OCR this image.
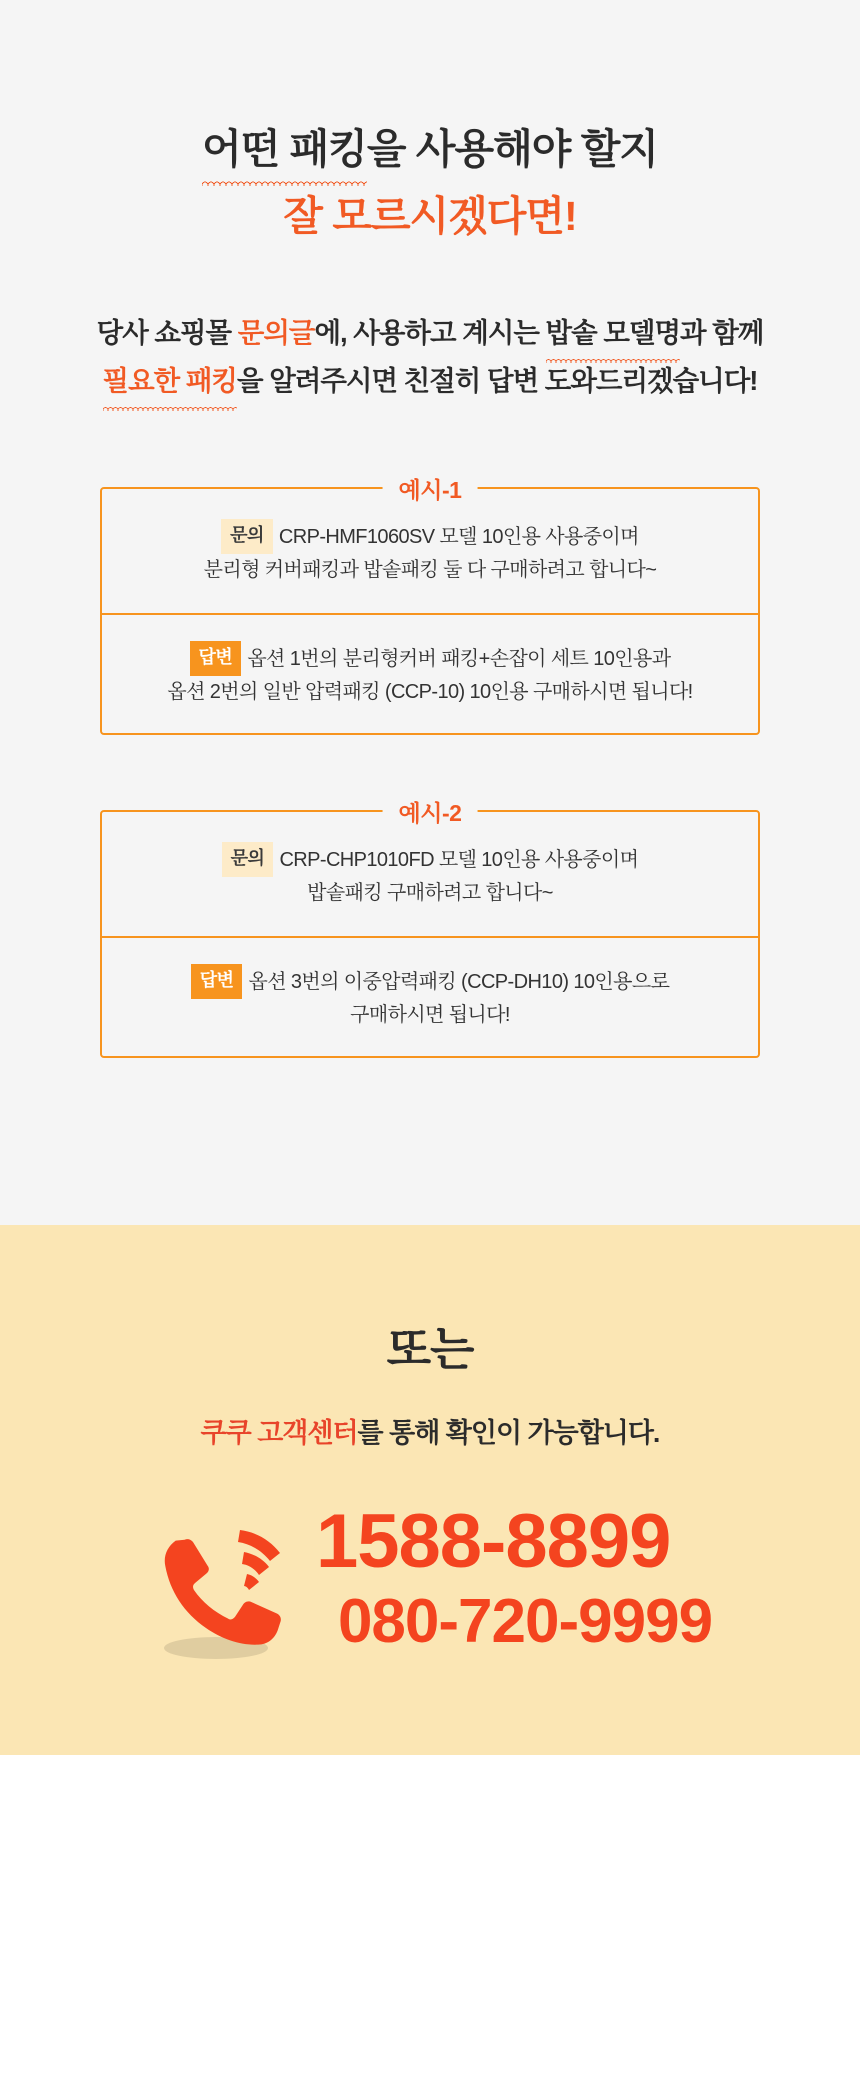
어떤 패킹을 사용해야 할지
잘 모르시겠다면!
당사 쇼핑몰 문의글에, 사용하고 계시는 밥솥 모델명과 함께
필요한 패킹을 알려주시면 친절히 답변 도와드리겠습니다!
예시-1
문의 CRP-HMF1060SV 모델 10인용 사용중이며
분리형 커버패킹과 밥솥패킹 둘 다 구매하려고 합니다~
답변 옵션 1번의 분리형커버 패킹+손잡이 세트 10인용과
옵션 2번의 일반 압력패킹 (CCP-10) 10인용 구매하시면 됩니다!
예시-2
문의 CRP-CHP1010FD 모델 10인용 사용중이며
밥솥패킹 구매하려고 합니다~
답변 옵션 3번의 이중압력패킹 (CCP-DH10) 10인용으로
구매하시면 됩니다!
또는
쿠쿠 고객센터를 통해 확인이 가능합니다.
1588-8899
080-720-9999
